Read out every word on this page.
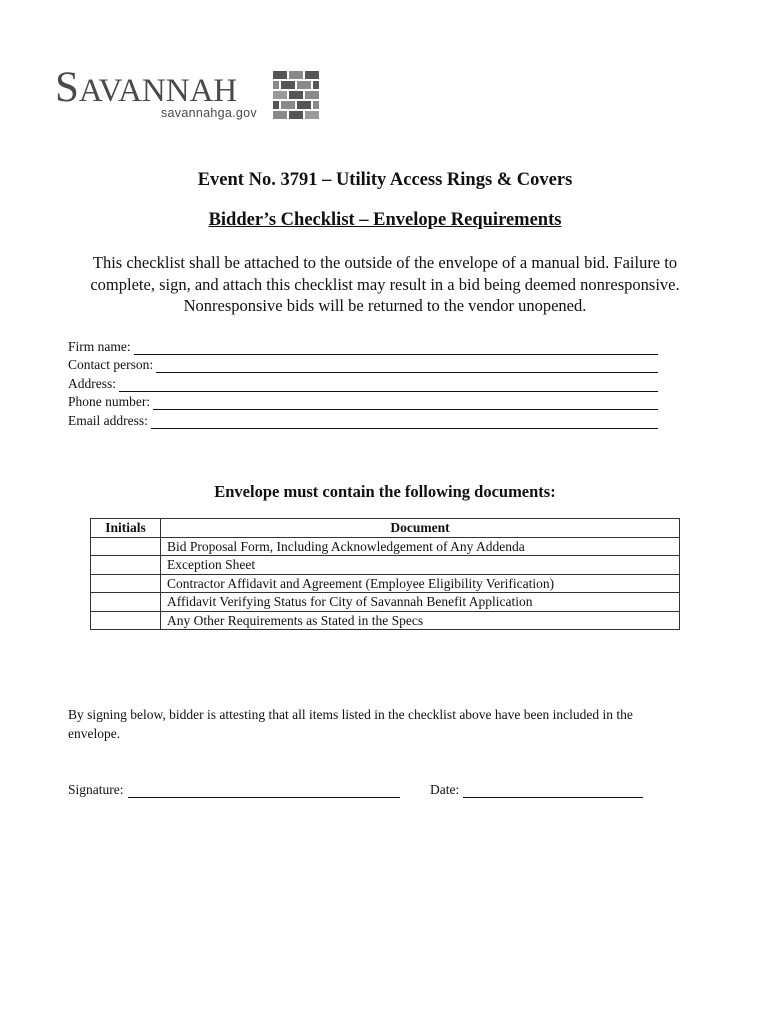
SAVANNAH
savannahga.gov
Event No. 3791 – Utility Access Rings & Covers
Bidder’s Checklist – Envelope Requirements
This checklist shall be attached to the outside of the envelope of a manual bid. Failure to
complete, sign, and attach this checklist may result in a bid being deemed nonresponsive.
Nonresponsive bids will be returned to the vendor unopened.
Firm name:
Contact person:
Address:
Phone number:
Email address:
Envelope must contain the following documents:
Initials	Document
	Bid Proposal Form, Including Acknowledgement of Any Addenda
	Exception Sheet
	Contractor Affidavit and Agreement (Employee Eligibility Verification)
	Affidavit Verifying Status for City of Savannah Benefit Application
	Any Other Requirements as Stated in the Specs
By signing below, bidder is attesting that all items listed in the checklist above have been included in the
envelope.
Signature:	Date:
